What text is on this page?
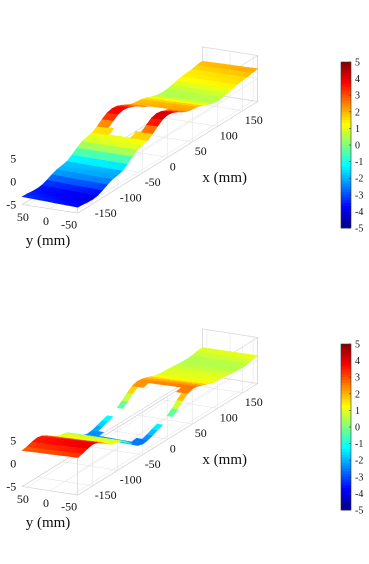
-150
-100
-50
0
50
100
150
50 0 -50
5
0
-5
x (mm)
y (mm)
5
4
3
2
1
0
-1
-2
-3
-4
-5
-150
-100
-50
0
50
100
150
50 0 -50
5
0
-5
x (mm)
y (mm)
5
4
3
2
1
0
-1
-2
-3
-4
-5
